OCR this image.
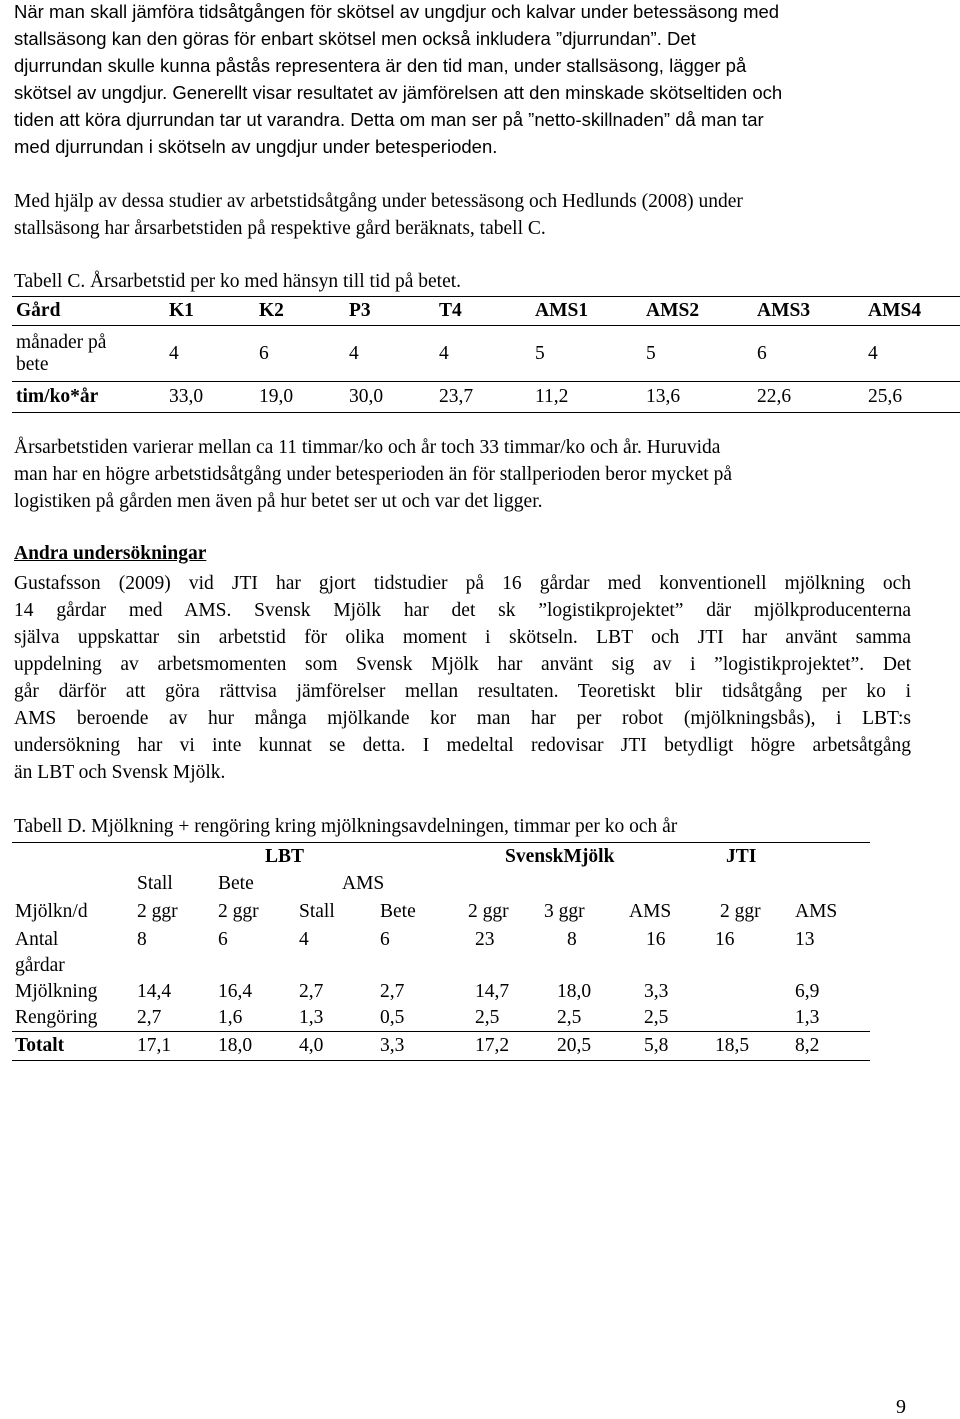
När man skall jämföra tidsåtgången för skötsel av ungdjur och kalvar under betessäsong med
stallsäsong kan den göras för enbart skötsel men också inkludera ”djurrundan”. Det
djurrundan skulle kunna påstås representera är den tid man, under stallsäsong, lägger på
skötsel av ungdjur. Generellt visar resultatet av jämförelsen att den minskade skötseltiden och
tiden att köra djurrundan tar ut varandra. Detta om man ser på ”netto-skillnaden” då man tar
med djurrundan i skötseln av ungdjur under betesperioden.
Med hjälp av dessa studier av arbetstidsåtgång under betessäsong och Hedlunds (2008) under
stallsäsong har årsarbetstiden på respektive gård beräknats, tabell C.
Tabell C. Årsarbetstid per ko med hänsyn till tid på betet.
Gård	K1	K2	P3	T4	AMS1	AMS2	AMS3	AMS4
månader på
bete	4	6	4	4	5	5	6	4
tim/ko*år	33,0	19,0	30,0	23,7	11,2	13,6	22,6	25,6
Årsarbetstiden varierar mellan ca 11 timmar/ko och år toch 33 timmar/ko och år. Huruvida
man har en högre arbetstidsåtgång under betesperioden än för stallperioden beror mycket på
logistiken på gården men även på hur betet ser ut och var det ligger.
Andra undersökningar
Gustafsson (2009) vid JTI har gjort tidstudier på 16 gårdar med konventionell mjölkning och
14 gårdar med AMS. Svensk Mjölk har det sk ”logistikprojektet” där mjölkproducenterna
själva uppskattar sin arbetstid för olika moment i skötseln. LBT och JTI har använt samma
uppdelning av arbetsmomenten som Svensk Mjölk har använt sig av i ”logistikprojektet”. Det
går därför att göra rättvisa jämförelser mellan resultaten. Teoretiskt blir tidsåtgång per ko i
AMS beroende av hur många mjölkande kor man har per robot (mjölkningsbås), i LBT:s
undersökning har vi inte kunnat se detta. I medeltal redovisar JTI betydligt högre arbetsåtgång
än LBT och Svensk Mjölk.
Tabell D. Mjölkning + rengöring kring mjölkningsavdelningen, timmar per ko och år
		LBT			SvenskMjölk			JTI	
	Stall	Bete	AMS						
Mjölkn/d	2 ggr	2 ggr	Stall	Bete	2 ggr	3 ggr	AMS	2 ggr	AMS
Antal	8	6	4	6	23	8	16	16	13
gårdar									
Mjölkning	14,4	16,4	2,7	2,7	14,7	18,0	3,3		6,9
Rengöring	2,7	1,6	1,3	0,5	2,5	2,5	2,5		1,3
Totalt	17,1	18,0	4,0	3,3	17,2	20,5	5,8	18,5	8,2
9
